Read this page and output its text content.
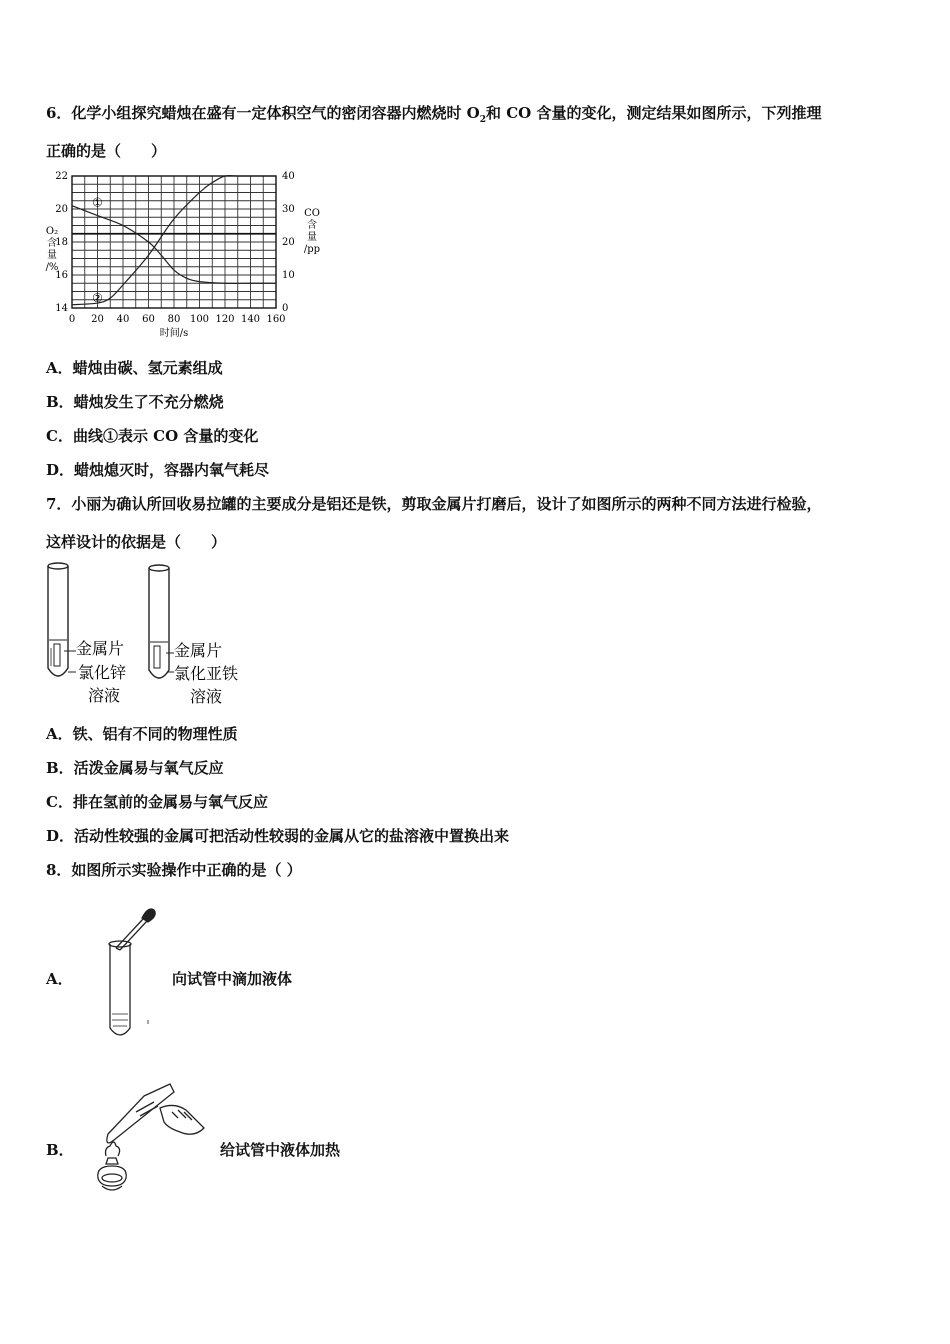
6．化学小组探究蜡烛在盛有一定体积空气的密闭容器内燃烧时 $O_2$和 CO 含量的变化，测定结果如图所示，下列推理
正确的是（　　）
0 20 40 60 80 100 120 140 160
14
16
18
20
22
0
10
20
30
40
时间/s
O₂
含
量
/%
CO
含
量
/pp
①
②
A．蜡烛由碳、氢元素组成
B．蜡烛发生了不充分燃烧
C．曲线①表示 CO 含量的变化
D．蜡烛熄灭时，容器内氧气耗尽
7．小丽为确认所回收易拉罐的主要成分是铝还是铁，剪取金属片打磨后，设计了如图所示的两种不同方法进行检验，
这样设计的依据是（　　）
金属片
氯化锌
溶液
金属片
氯化亚铁
溶液
A．铁、铝有不同的物理性质
B．活泼金属易与氧气反应
C．排在氢前的金属易与氧气反应
D．活动性较强的金属可把活动性较弱的金属从它的盐溶液中置换出来
8．如图所示实验操作中正确的是（ ）
A．	向试管中滴加液体
B．	给试管中液体加热
